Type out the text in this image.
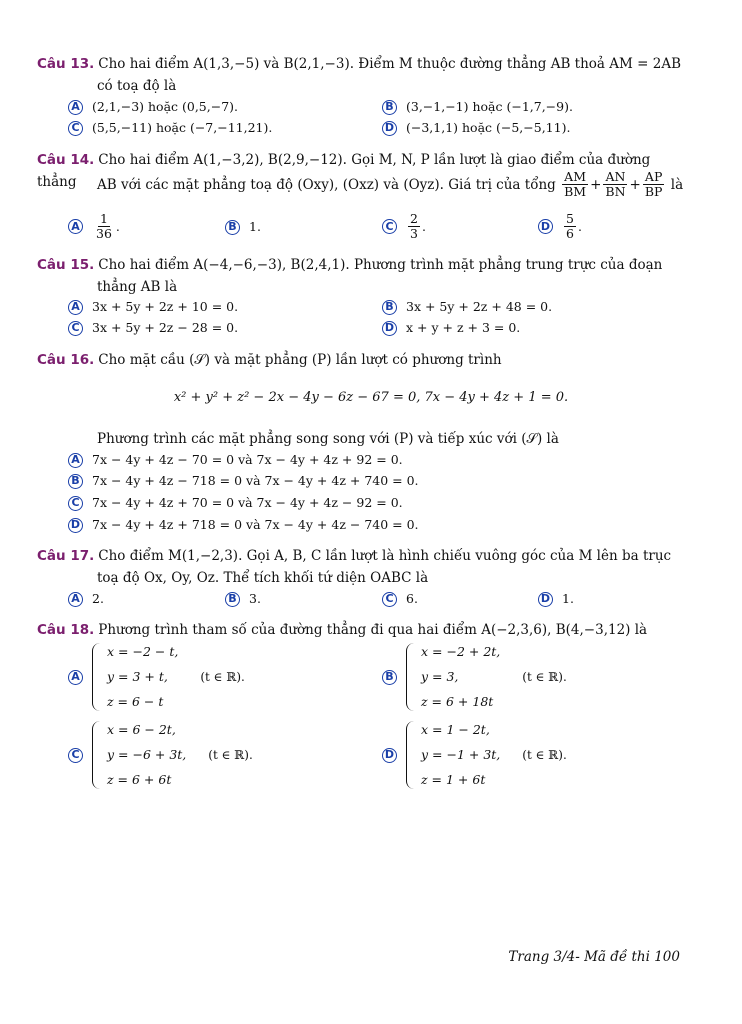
Câu 13. Cho hai điểm A(1,3,−5) và B(2,1,−3). Điểm M thuộc đường thẳng AB thoả AM = 2AB
có toạ độ là
A (2,1,−3) hoặc (0,5,−7).	B (3,−1,−1) hoặc (−1,7,−9).
C (5,5,−11) hoặc (−7,−11,21).	D (−3,1,1) hoặc (−5,−5,11).
Câu 14. Cho hai điểm A(1,−3,2), B(2,9,−12). Gọi M, N, P lần lượt là giao điểm của đường thẳng	AB với các mặt phẳng toạ độ (Oxy), (Oxz) và (Oyz). Giá trị của tổng
$\frac{AM}{BM} + \frac{AN}{BN} + \frac{AP}{BP}$
là
A $\frac{1}{36}$ .	B 1.	C $\frac{2}{3}$ .	D $\frac{5}{6}$ .
Câu 15. Cho hai điểm A(−4,−6,−3), B(2,4,1). Phương trình mặt phẳng trung trực của đoạn
thẳng AB là
A 3x + 5y + 2z + 10 = 0.	B 3x + 5y + 2z + 48 = 0.
C 3x + 5y + 2z − 28 = 0.	D x + y + z + 3 = 0.
Câu 16. Cho mặt cầu (𝒮) và mặt phẳng (P) lần lượt có phương trình
x² + y² + z² − 2x − 4y − 6z − 67 = 0, 7x − 4y + 4z + 1 = 0.
Phương trình các mặt phẳng song song với (P) và tiếp xúc với (𝒮) là
A 7x − 4y + 4z − 70 = 0 và 7x − 4y + 4z + 92 = 0.
B 7x − 4y + 4z − 718 = 0 và 7x − 4y + 4z + 740 = 0.
C 7x − 4y + 4z + 70 = 0 và 7x − 4y + 4z − 92 = 0.
D 7x − 4y + 4z + 718 = 0 và 7x − 4y + 4z − 740 = 0.
Câu 17. Cho điểm M(1,−2,3). Gọi A, B, C lần lượt là hình chiếu vuông góc của M lên ba trục
toạ độ Ox, Oy, Oz. Thể tích khối tứ diện OABC là
A 2.	B 3.	C 6.	D 1.
Câu 18. Phương trình tham số của đường thẳng đi qua hai điểm A(−2,3,6), B(4,−3,12) là
A
x = −2 − t,
y = 3 + t,
z = 6 − t
(t ∈ ℝ).	B
x = −2 + 2t,
y = 3,
z = 6 + 18t
(t ∈ ℝ).
C
x = 6 − 2t,
y = −6 + 3t,
z = 6 + 6t
(t ∈ ℝ).	D
x = 1 − 2t,
y = −1 + 3t,
z = 1 + 6t
(t ∈ ℝ).
Trang 3/4- Mã đề thi 100
